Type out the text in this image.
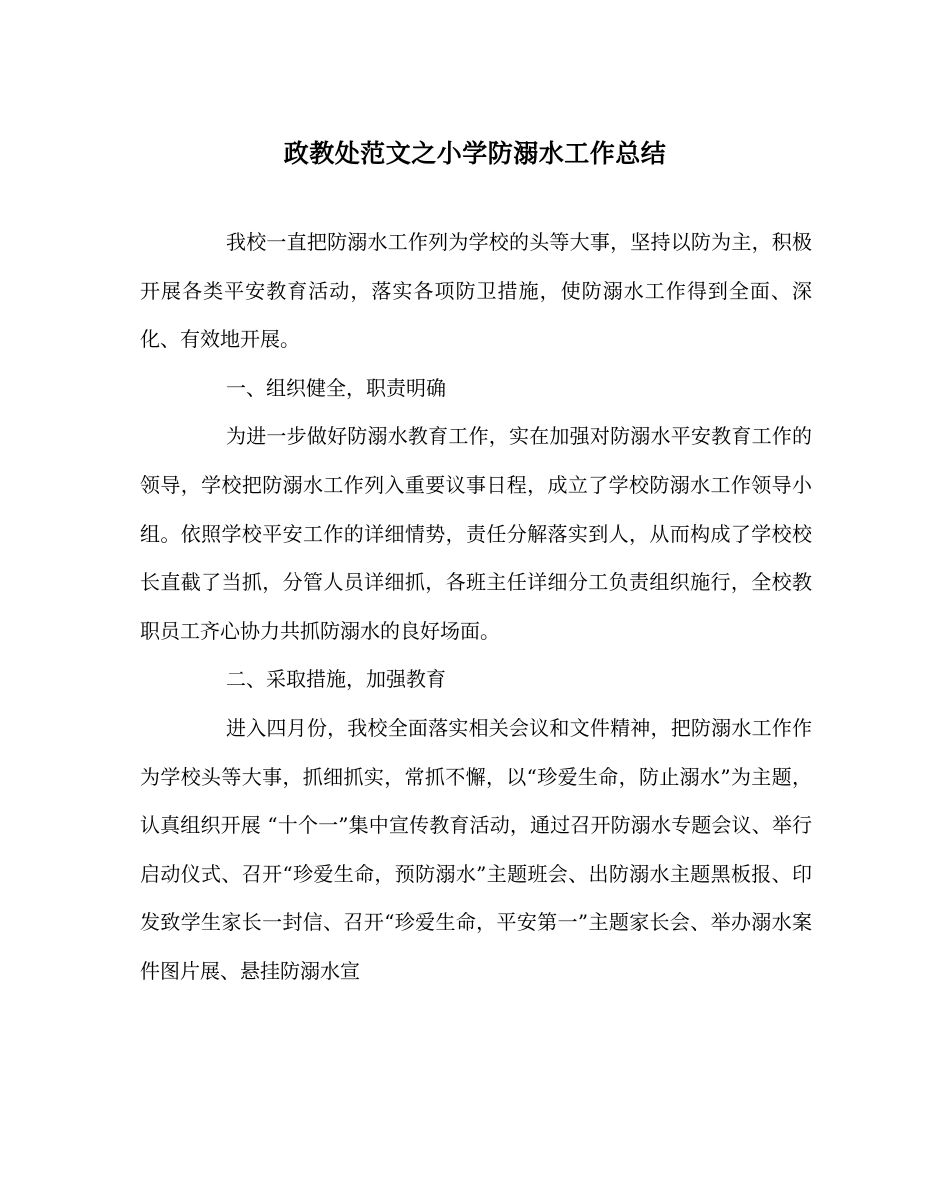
政教处范文之小学防溺水工作总结

我校一直把防溺水工作列为学校的头等大事，坚持以防为主，积极开展各类平安教育活动，落实各项防卫措施，使防溺水工作得到全面、深化、有效地开展。

一、组织健全，职责明确

为进一步做好防溺水教育工作，实在加强对防溺水平安教育工作的领导，学校把防溺水工作列入重要议事日程，成立了学校防溺水工作领导小组。依照学校平安工作的详细情势，责任分解落实到人，从而构成了学校校长直截了当抓，分管人员详细抓，各班主任详细分工负责组织施行，全校教职员工齐心协力共抓防溺水的良好场面。

二、采取措施，加强教育

进入四月份，我校全面落实相关会议和文件精神，把防溺水工作作为学校头等大事，抓细抓实，常抓不懈，以“珍爱生命，防止溺水”为主题，认真组织开展 “十个一”集中宣传教育活动，通过召开防溺水专题会议、举行启动仪式、召开“珍爱生命，预防溺水”主题班会、出防溺水主题黑板报、印发致学生家长一封信、召开“珍爱生命，平安第一”主题家长会、举办溺水案件图片展、悬挂防溺水宣
